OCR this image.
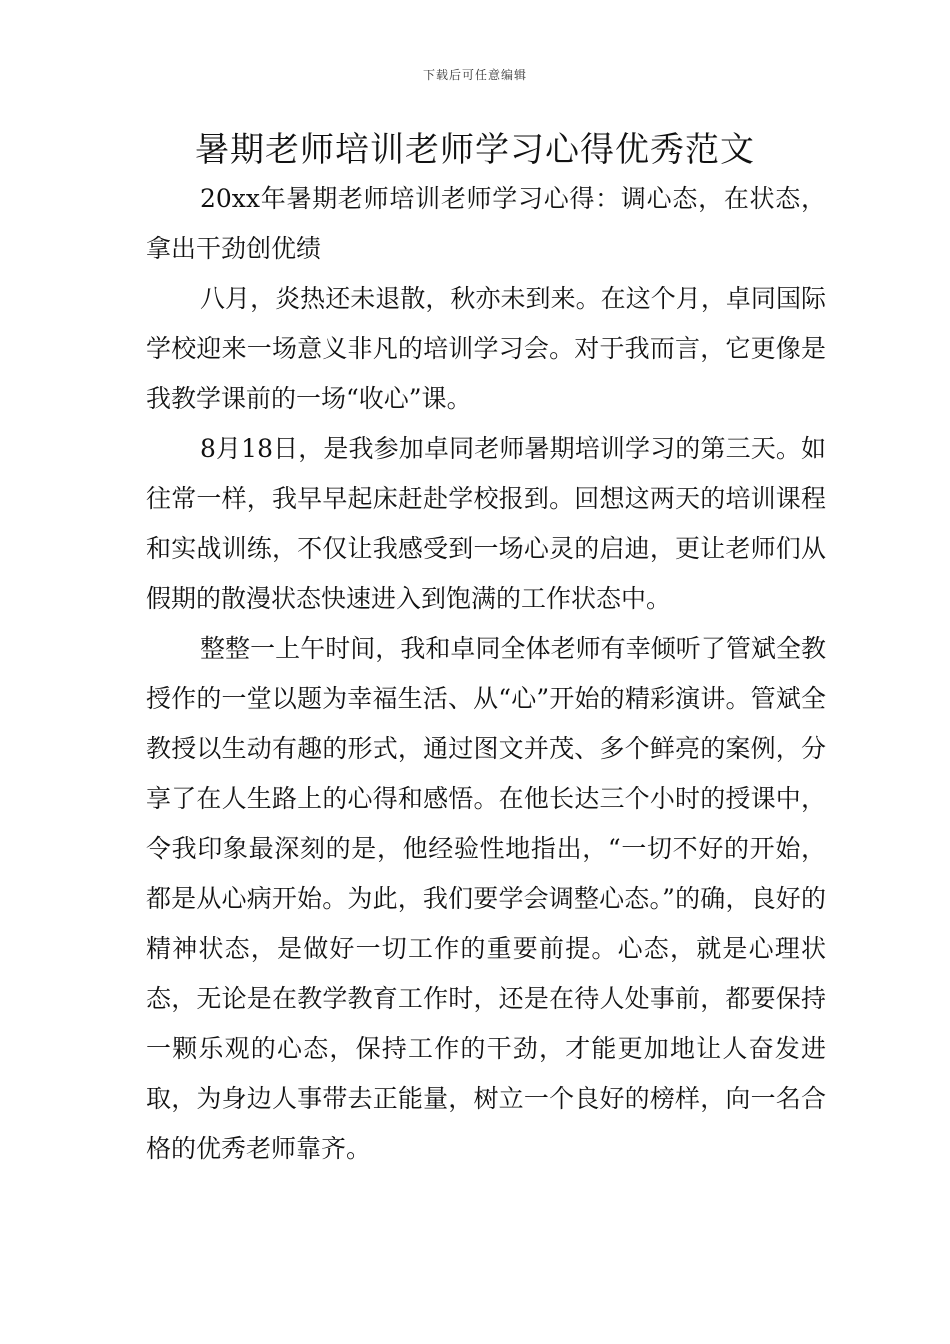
下载后可任意编辑
暑期老师培训老师学习心得优秀范文

20xx年暑期老师培训老师学习心得：调心态，在状态，拿出干劲创优绩

八月，炎热还未退散，秋亦未到来。在这个月，卓同国际学校迎来一场意义非凡的培训学习会。对于我而言，它更像是我教学课前的一场“收心”课。

8月18日，是我参加卓同老师暑期培训学习的第三天。如往常一样，我早早起床赶赴学校报到。回想这两天的培训课程和实战训练，不仅让我感受到一场心灵的启迪，更让老师们从假期的散漫状态快速进入到饱满的工作状态中。

整整一上午时间，我和卓同全体老师有幸倾听了管斌全教授作的一堂以题为幸福生活、从“心”开始的精彩演讲。管斌全教授以生动有趣的形式，通过图文并茂、多个鲜亮的案例，分享了在人生路上的心得和感悟。在他长达三个小时的授课中，令我印象最深刻的是，他经验性地指出，“一切不好的开始，都是从心病开始。为此，我们要学会调整心态。”的确，良好的精神状态，是做好一切工作的重要前提。心态，就是心理状态，无论是在教学教育工作时，还是在待人处事前，都要保持一颗乐观的心态，保持工作的干劲，才能更加地让人奋发进取，为身边人事带去正能量，树立一个良好的榜样，向一名合格的优秀老师靠齐。
